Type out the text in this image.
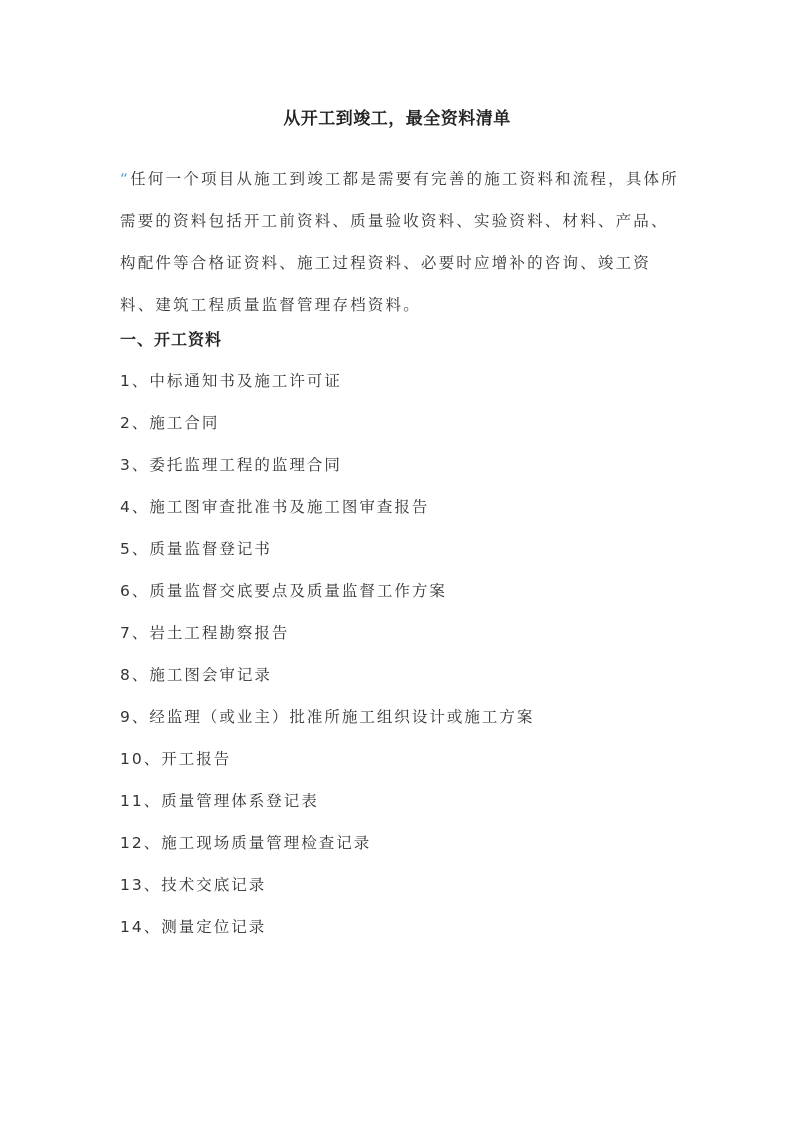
从开工到竣工，最全资料清单
“任何一个项目从施工到竣工都是需要有完善的施工资料和流程，具体所需要的资料包括开工前资料、质量验收资料、实验资料、材料、产品、构配件等合格证资料、施工过程资料、必要时应增补的咨询、竣工资料、建筑工程质量监督管理存档资料。
一、开工资料
1、中标通知书及施工许可证
2、施工合同
3、委托监理工程的监理合同
4、施工图审查批准书及施工图审查报告
5、质量监督登记书
6、质量监督交底要点及质量监督工作方案
7、岩土工程勘察报告
8、施工图会审记录
9、经监理（或业主）批准所施工组织设计或施工方案
10、开工报告
11、质量管理体系登记表
12、施工现场质量管理检查记录
13、技术交底记录
14、测量定位记录
